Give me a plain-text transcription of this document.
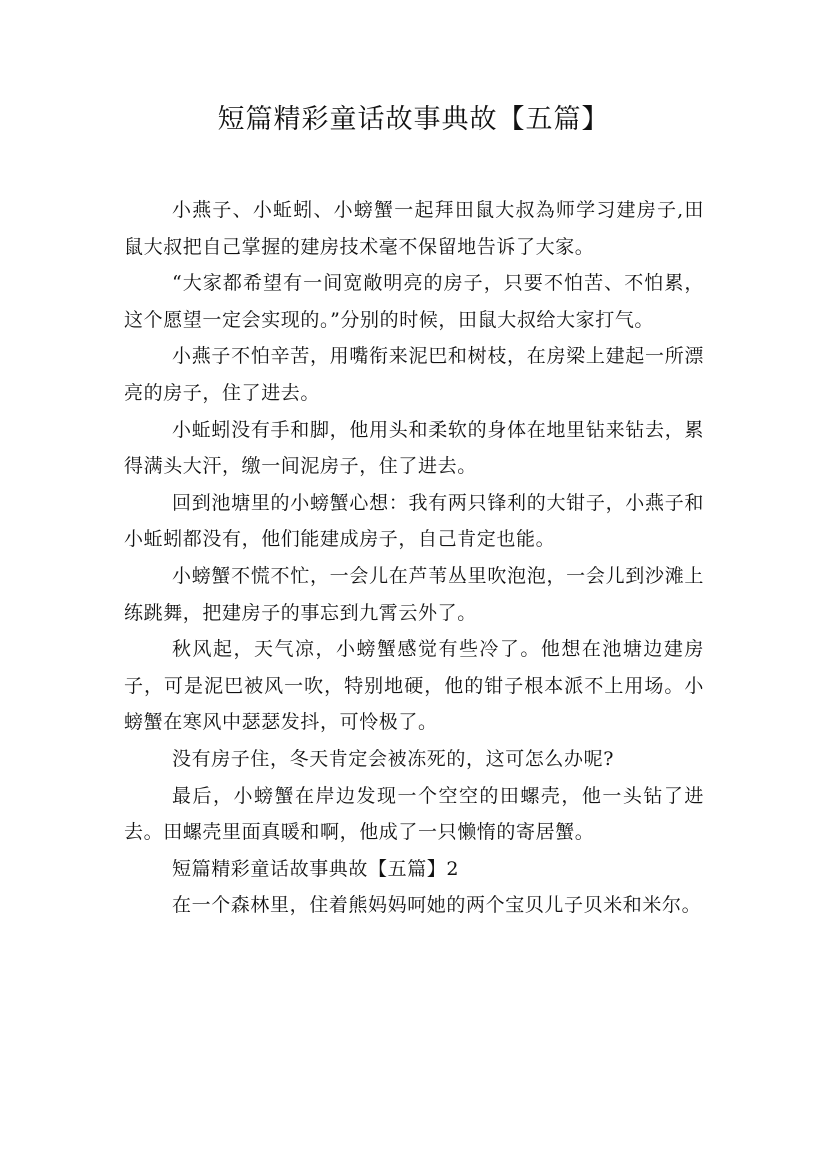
短篇精彩童话故事典故【五篇】

小燕子、小蚯蚓、小螃蟹一起拜田鼠大叔為师学习建房子,田鼠大叔把自己掌握的建房技术毫不保留地告诉了大家。

“大家都希望有一间宽敞明亮的房子，只要不怕苦、不怕累，这个愿望一定会实现的。”分别的时候，田鼠大叔给大家打气。

小燕子不怕辛苦，用嘴衔来泥巴和树枝，在房梁上建起一所漂亮的房子，住了进去。

小蚯蚓没有手和脚，他用头和柔软的身体在地里钻来钻去，累得满头大汗，缴一间泥房子，住了进去。

回到池塘里的小螃蟹心想：我有两只锋利的大钳子，小燕子和小蚯蚓都没有，他们能建成房子，自己肯定也能。

小螃蟹不慌不忙，一会儿在芦苇丛里吹泡泡，一会儿到沙滩上练跳舞，把建房子的事忘到九霄云外了。

秋风起，天气凉，小螃蟹感觉有些冷了。他想在池塘边建房子，可是泥巴被风一吹，特别地硬，他的钳子根本派不上用场。小螃蟹在寒风中瑟瑟发抖，可怜极了。

没有房子住，冬天肯定会被冻死的，这可怎么办呢?

最后，小螃蟹在岸边发现一个空空的田螺壳，他一头钻了进去。田螺壳里面真暖和啊，他成了一只懒惰的寄居蟹。

短篇精彩童话故事典故【五篇】2

在一个森林里，住着熊妈妈呵她的两个宝贝儿子贝米和米尔。
